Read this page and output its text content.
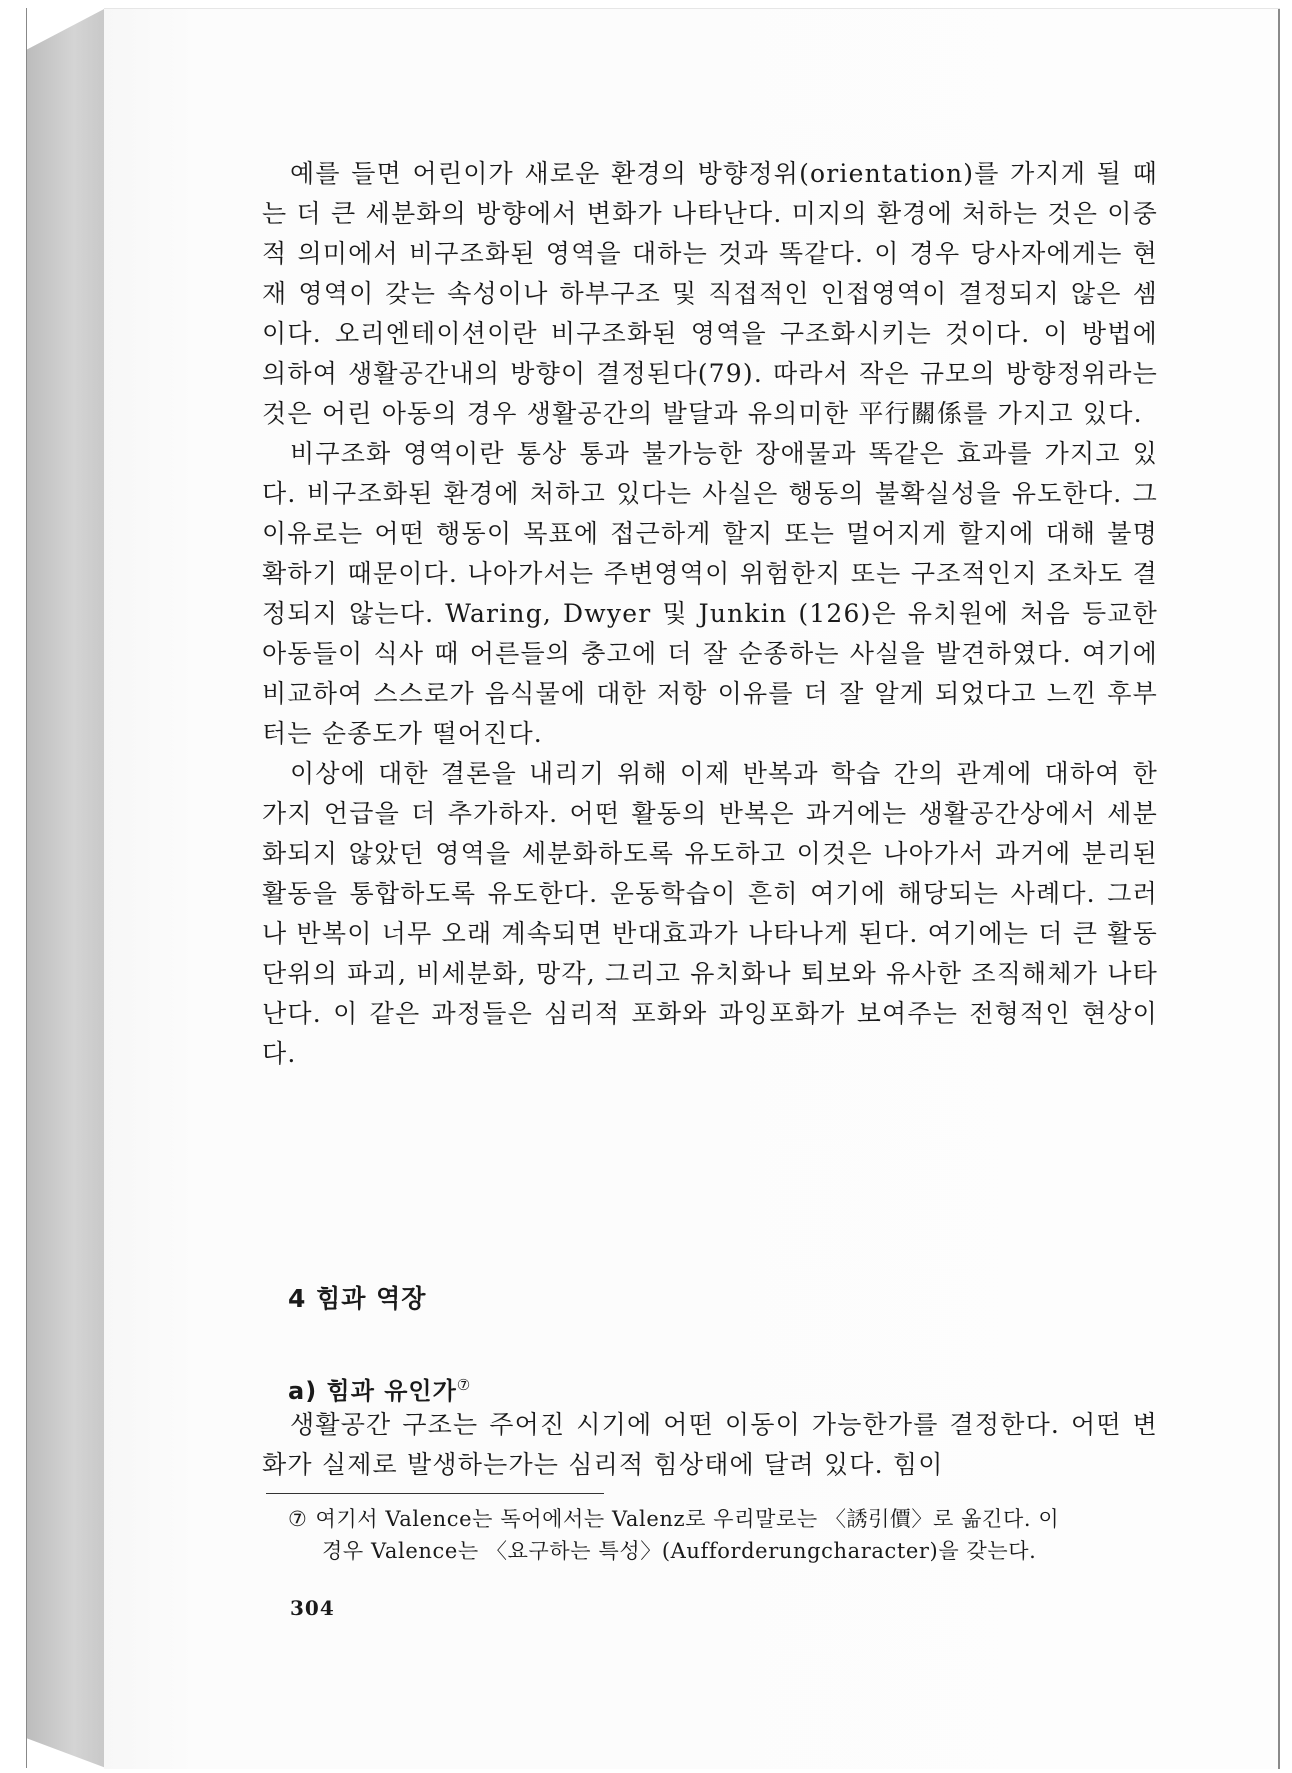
예를 들면 어린이가 새로운 환경의 방향정위(orientation)를 가지게 될 때는 더 큰 세분화의 방향에서 변화가 나타난다. 미지의 환경에 처하는 것은 이중적 의미에서 비구조화된 영역을 대하는 것과 똑같다. 이 경우 당사자에게는 현재 영역이 갖는 속성이나 하부구조 및 직접적인 인접영역이 결정되지 않은 셈이다. 오리엔테이션이란 비구조화된 영역을 구조화시키는 것이다. 이 방법에 의하여 생활공간내의 방향이 결정된다(79). 따라서 작은 규모의 방향정위라는 것은 어린 아동의 경우 생활공간의 발달과 유의미한 平行關係를 가지고 있다.

비구조화 영역이란 통상 통과 불가능한 장애물과 똑같은 효과를 가지고 있다. 비구조화된 환경에 처하고 있다는 사실은 행동의 불확실성을 유도한다. 그 이유로는 어떤 행동이 목표에 접근하게 할지 또는 멀어지게 할지에 대해 불명확하기 때문이다. 나아가서는 주변영역이 위험한지 또는 구조적인지 조차도 결정되지 않는다. Waring, Dwyer 및 Junkin (126)은 유치원에 처음 등교한 아동들이 식사 때 어른들의 충고에 더 잘 순종하는 사실을 발견하였다. 여기에 비교하여 스스로가 음식물에 대한 저항 이유를 더 잘 알게 되었다고 느낀 후부터는 순종도가 떨어진다.

이상에 대한 결론을 내리기 위해 이제 반복과 학습 간의 관계에 대하여 한 가지 언급을 더 추가하자. 어떤 활동의 반복은 과거에는 생활공간상에서 세분화되지 않았던 영역을 세분화하도록 유도하고 이것은 나아가서 과거에 분리된 활동을 통합하도록 유도한다. 운동학습이 흔히 여기에 해당되는 사례다. 그러나 반복이 너무 오래 계속되면 반대효과가 나타나게 된다. 여기에는 더 큰 활동단위의 파괴, 비세분화, 망각, 그리고 유치화나 퇴보와 유사한 조직해체가 나타난다. 이 같은 과정들은 심리적 포화와 과잉포화가 보여주는 전형적인 현상이다.

4 힘과 역장
a) 힘과 유인가⑦

생활공간 구조는 주어진 시기에 어떤 이동이 가능한가를 결정한다. 어떤 변화가 실제로 발생하는가는 심리적 힘상태에 달려 있다. 힘이

⑦ 여기서 Valence는 독어에서는 Valenz로 우리말로는 〈誘引價〉로 옮긴다. 이
경우 Valence는 〈요구하는 특성〉(Aufforderungcharacter)을 갖는다.
304
